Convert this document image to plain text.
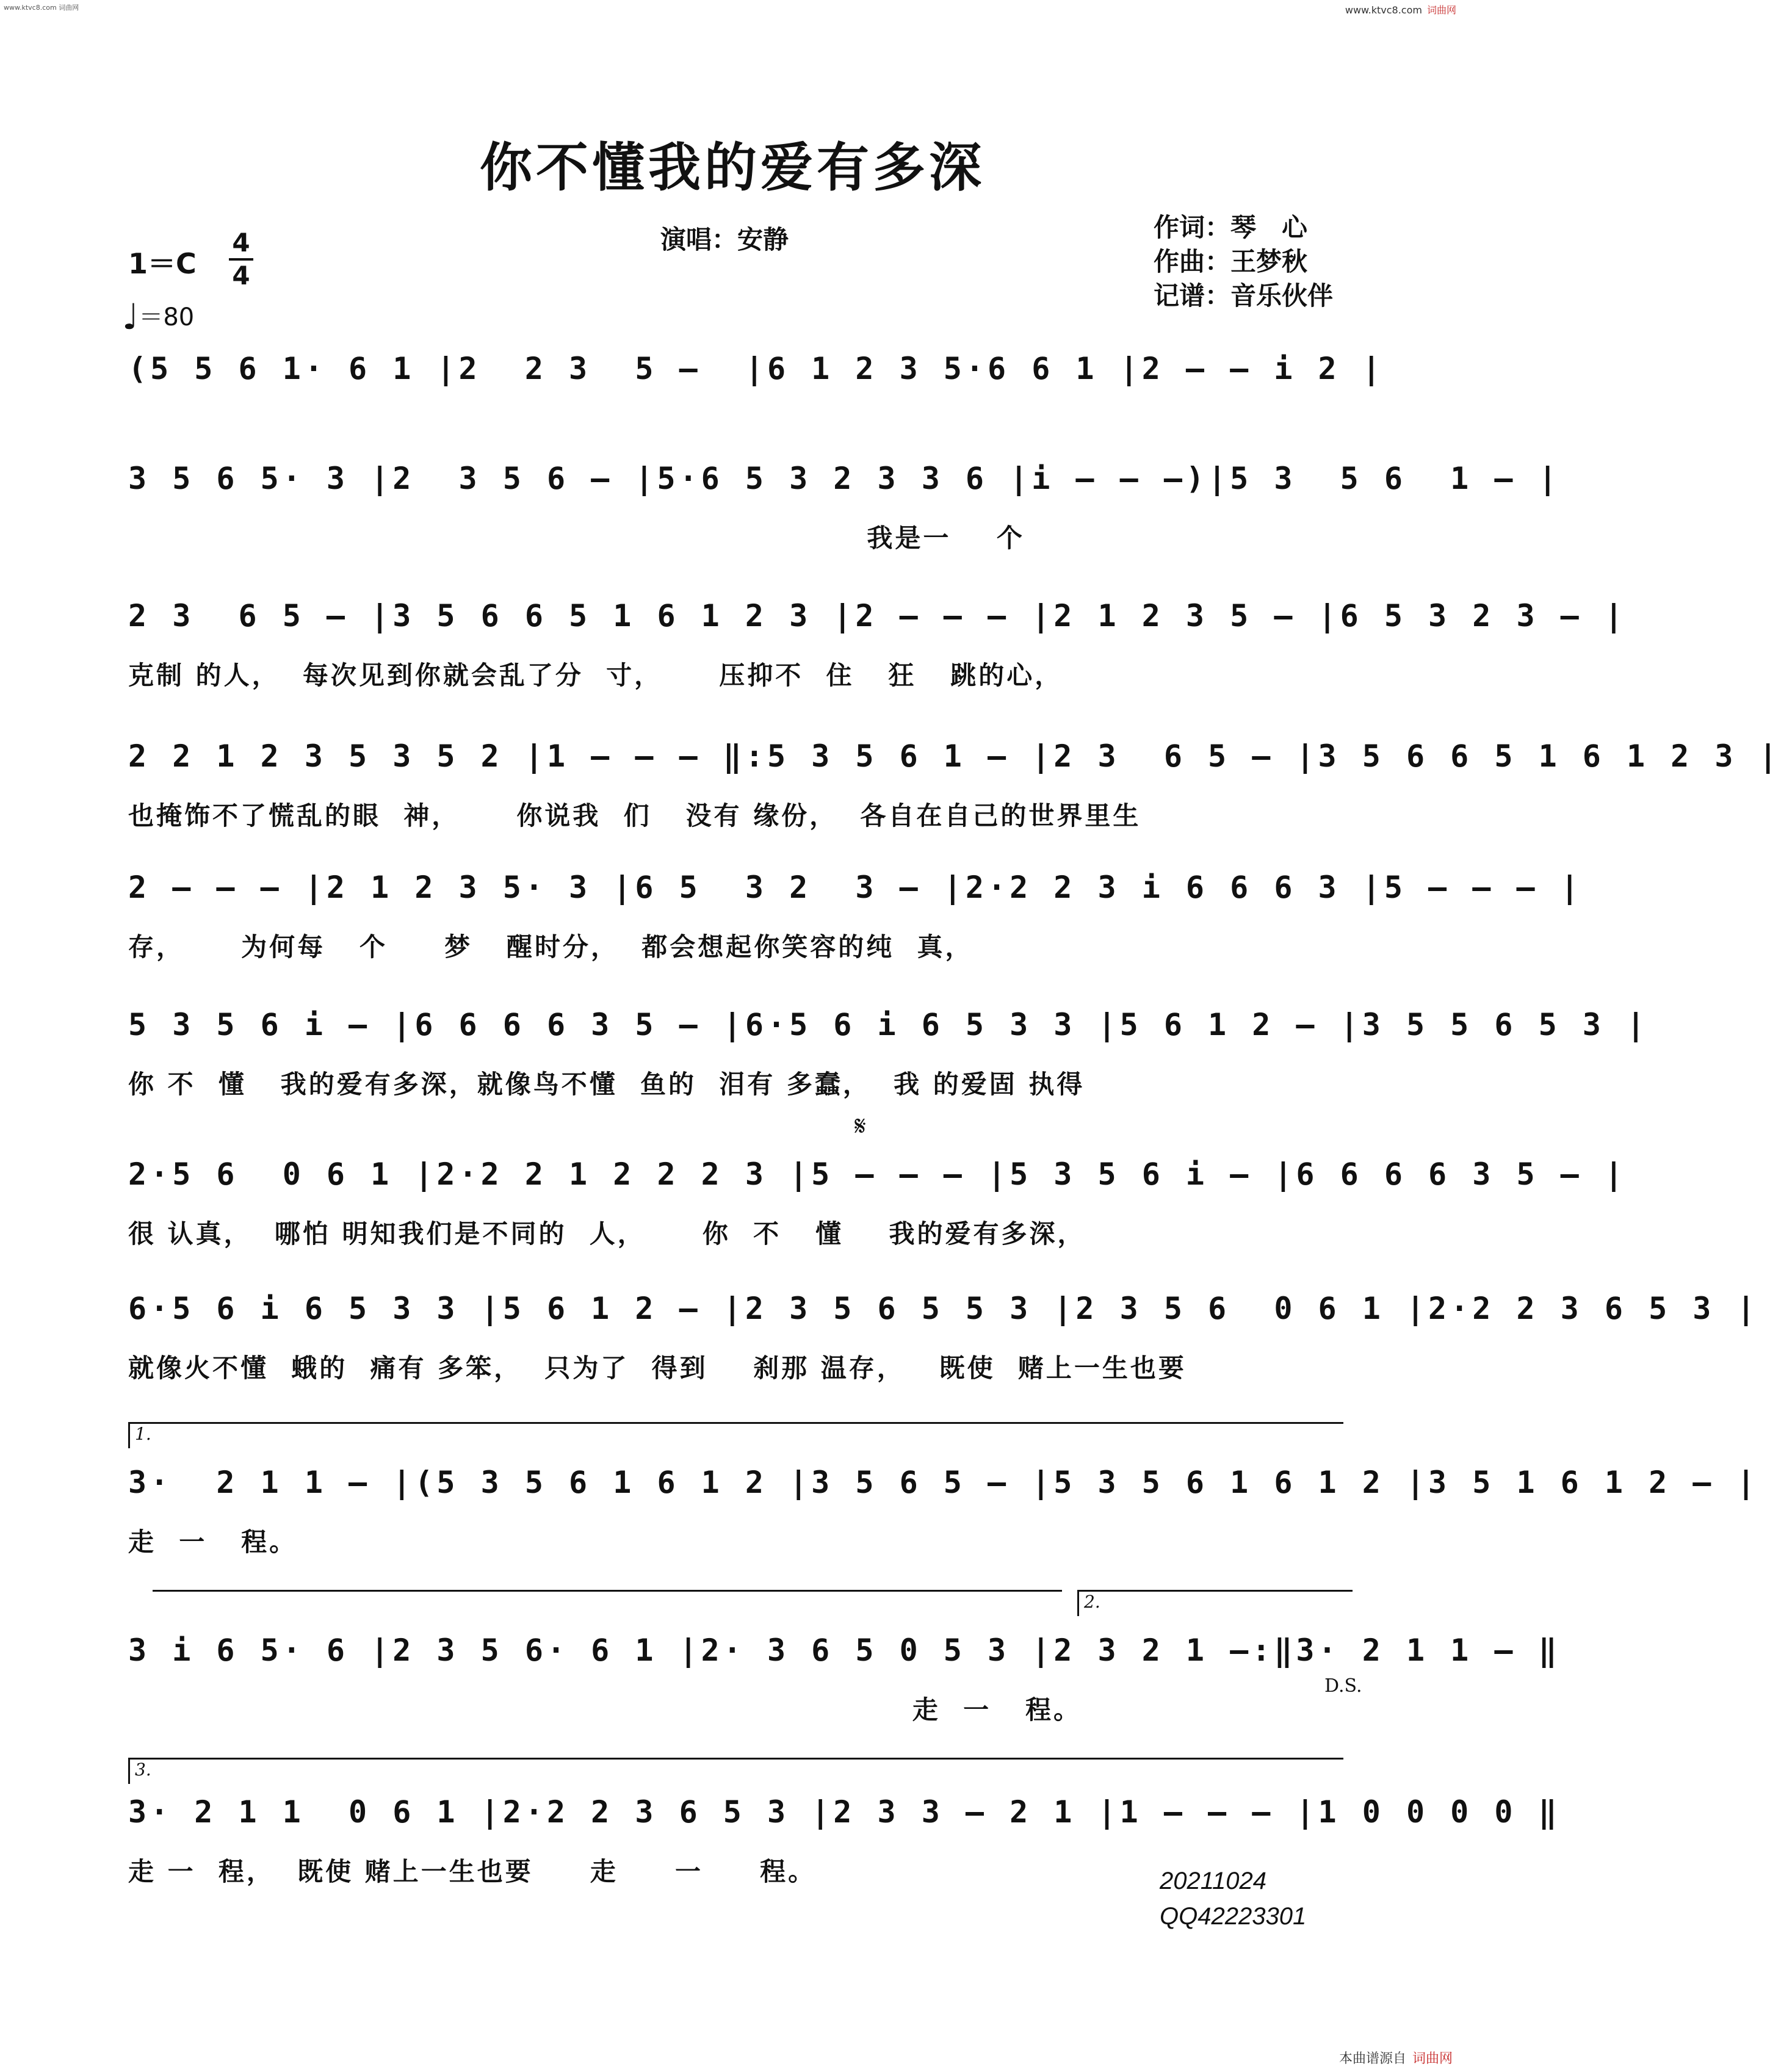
www.ktvc8.com 词曲网	www.ktvc8.com 词曲网
你不懂我的爱有多深
演唱：安静	作词：琴　心
作曲：王梦秋
记谱：音乐伙伴
1＝C
4
4
♩＝80
(5 5 6 1· 6 1 |2  2 3  5 –  |6 1 2 3 5·6 6 1 |2 – – i 2 |
3 5 6 5· 3 |2  3 5 6 – |5·6 5 3 2 3 3 6 |i – – –)|5 3  5 6  1 – |
我是一    个
2 3  6 5 – |3 5 6 6 5 1 6 1 2 3 |2 – – – |2 1 2 3 5 – |6 5 3 2 3 – |
克制 的人，  每次见到你就会乱了分  寸，     压抑不  住   狂   跳的心，
2 2 1 2 3 5 3 5 2 |1 – – – ‖:5 3 5 6 1 – |2 3  6 5 – |3 5 6 6 5 1 6 1 2 3 |
也掩饰不了慌乱的眼  神，     你说我  们   没有 缘份，  各自在自己的世界里生
2 – – – |2 1 2 3 5· 3 |6 5  3 2  3 – |2·2 2 3 i 6 6 6 3 |5 – – – |
存，     为何每   个     梦   醒时分，  都会想起你笑容的纯  真，
5 3 5 6 i – |6 6 6 6 3 5 – |6·5 6 i 6 5 3 3 |5 6 1 2 – |3 5 5 6 5 3 |
你 不  懂   我的爱有多深，就像鸟不懂  鱼的  泪有 多蠢，  我 的爱固 执得
𝄋
2·5 6  0 6 1 |2·2 2 1 2 2 2 3 |5 – – – |5 3 5 6 i – |6 6 6 6 3 5 – |
很 认真，  哪怕 明知我们是不同的  人，     你  不   懂    我的爱有多深，
6·5 6 i 6 5 3 3 |5 6 1 2 – |2 3 5 6 5 5 3 |2 3 5 6  0 6 1 |2·2 2 3 6 5 3 |
就像火不懂  蛾的  痛有 多笨，  只为了  得到    刹那 温存，   既使  赌上一生也要
1.
3·  2 1 1 – |(5 3 5 6 1 6 1 2 |3 5 6 5 – |5 3 5 6 1 6 1 2 |3 5 1 6 1 2 – |
走  一   程。
2.
3 i 6 5· 6 |2 3 5 6· 6 1 |2· 3 6 5 0 5 3 |2 3 2 1 –:‖3· 2 1 1 – ‖
走  一   程。
D.S.
3.
3· 2 1 1  0 6 1 |2·2 2 3 6 5 3 |2 3 3 – 2 1 |1 – – – |1 0 0 0 0 ‖
走 一  程，  既使 赌上一生也要     走     一     程。	20211024
QQ42223301
本曲谱源自 词曲网
